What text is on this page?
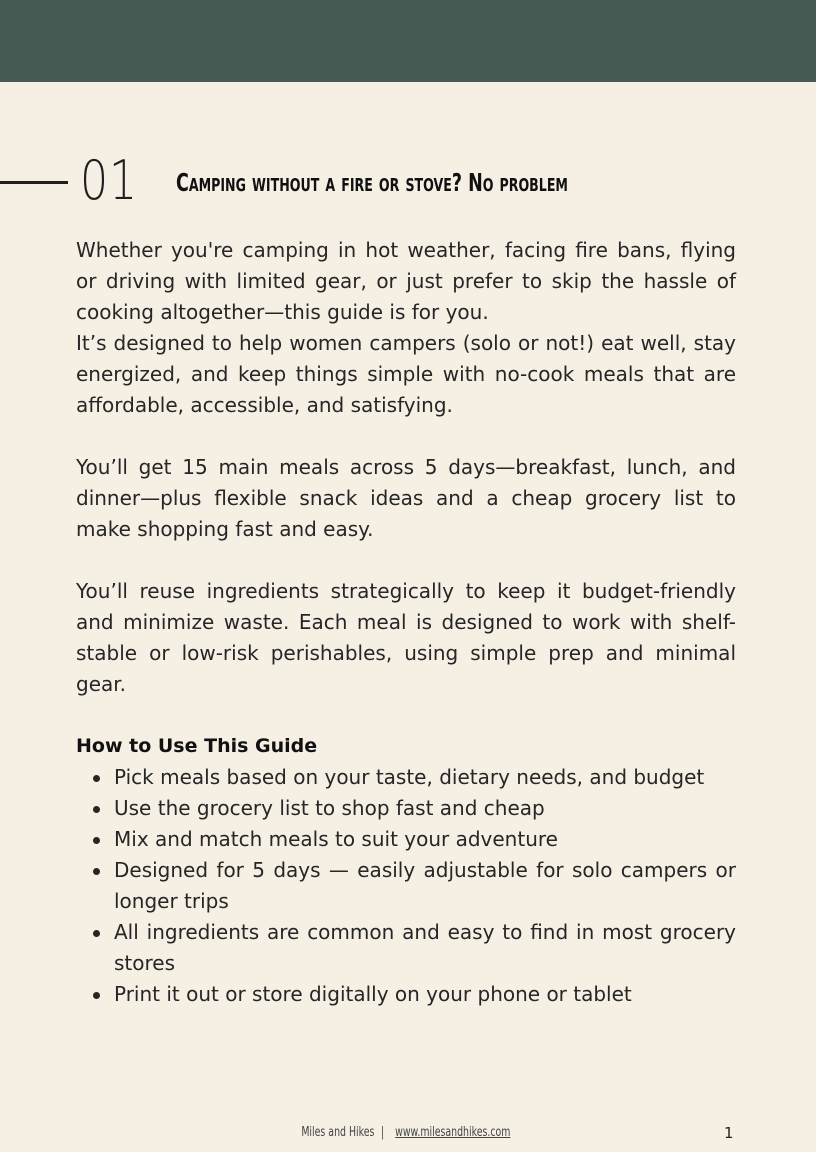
01 Camping without a fire or stove? No problem

Whether you're camping in hot weather, facing fire bans, flying or driving with limited gear, or just prefer to skip the hassle of cooking altogether—this guide is for you.

It’s designed to help women campers (solo or not!) eat well, stay energized, and keep things simple with no-cook meals that are affordable, accessible, and satisfying.

You’ll get 15 main meals across 5 days—breakfast, lunch, and dinner—plus flexible snack ideas and a cheap grocery list to make shopping fast and easy.

You’ll reuse ingredients strategically to keep it budget-friendly and minimize waste. Each meal is designed to work with shelf-stable or low-risk perishables, using simple prep and minimal gear.

How to Use This Guide

Pick meals based on your taste, dietary needs, and budget
Use the grocery list to shop fast and cheap
Mix and match meals to suit your adventure
Designed for 5 days — easily adjustable for solo campers or longer trips
All ingredients are common and easy to find in most grocery stores
Print it out or store digitally on your phone or tablet
Miles and Hikes|www.milesandhikes.com	1
